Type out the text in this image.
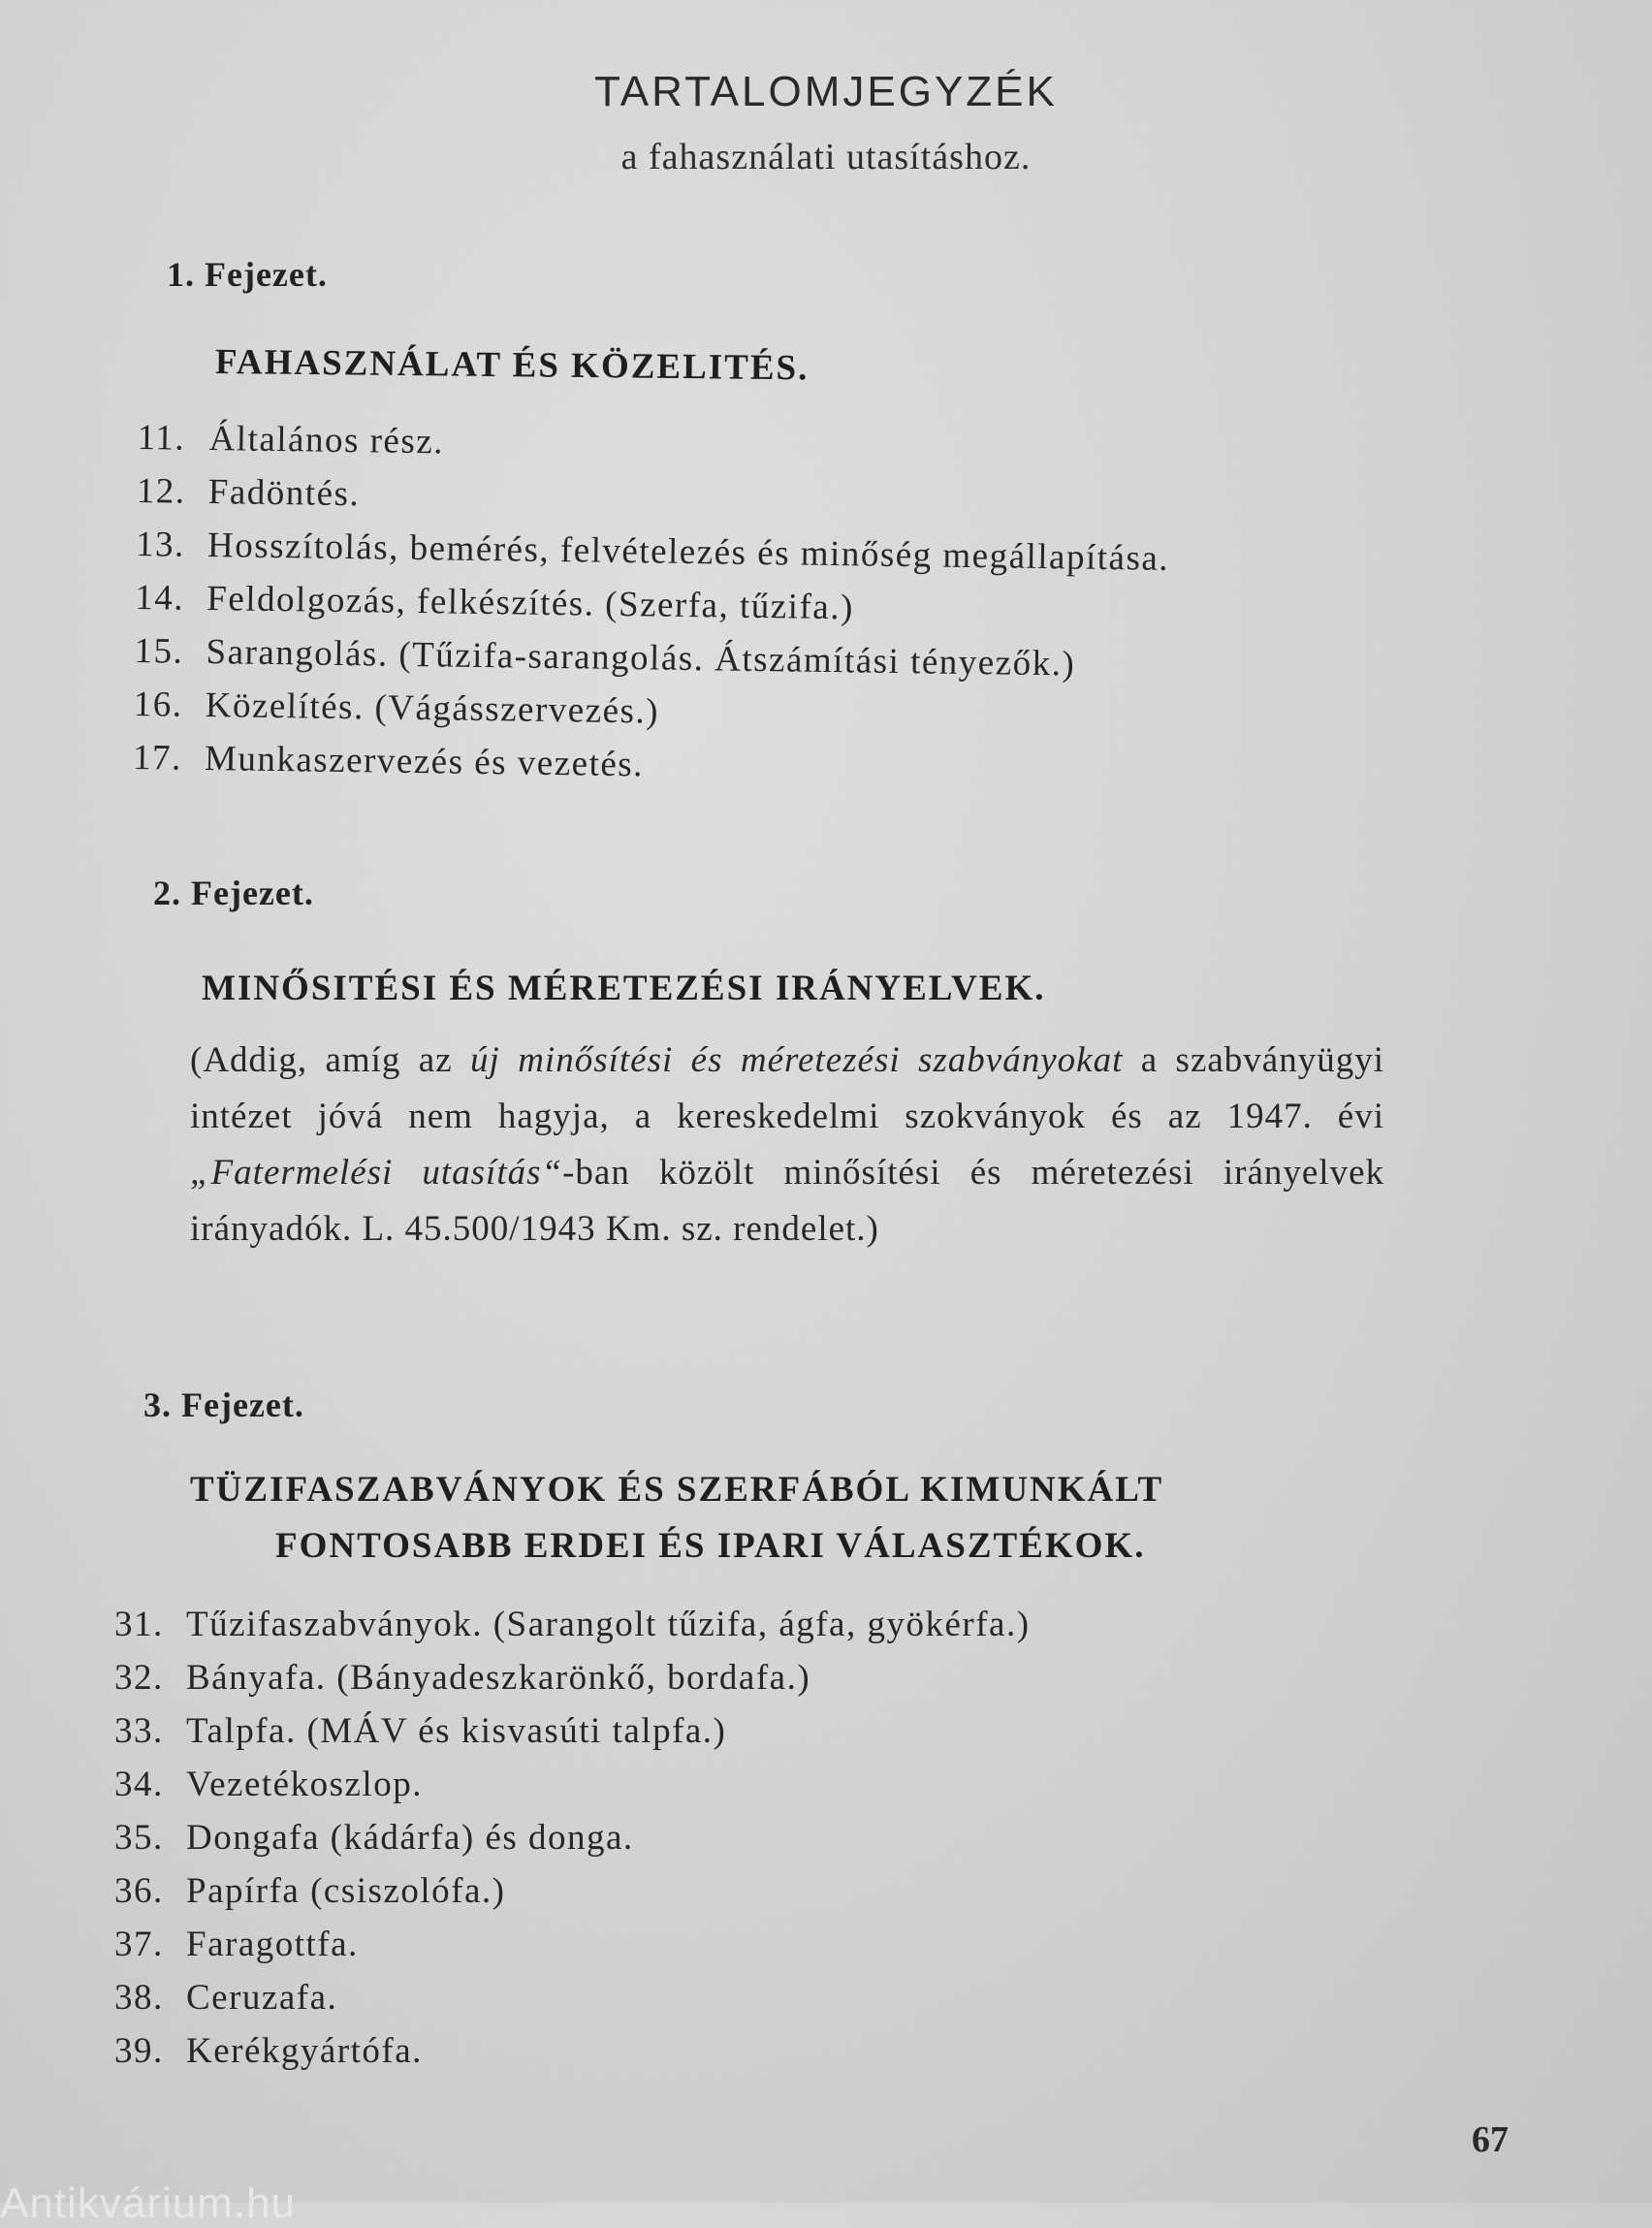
TARTALOMJEGYZÉK

a fahasználati utasításhoz.

1. Fejezet.
FAHASZNÁLAT ÉS KÖZELITÉS.
11. Általános rész.
12. Fadöntés.
13. Hosszítolás, bemérés, felvételezés és minőség megállapítása.
14. Feldolgozás, felkészítés. (Szerfa, tűzifa.)
15. Sarangolás. (Tűzifa-sarangolás. Átszámítási tényezők.)
16. Közelítés. (Vágásszervezés.)
17. Munkaszervezés és vezetés.
2. Fejezet.
MINŐSITÉSI ÉS MÉRETEZÉSI IRÁNYELVEK.
(Addig, amíg az új minősítési és méretezési szabványokat a szabványügyi intézet jóvá nem hagyja, a kereskedelmi szokványok és az 1947. évi „Fatermelési utasítás“-ban közölt minősítési és méretezési irányelvek irányadók. L. 45.500/1943 Km. sz. rendelet.)
3. Fejezet.
TÜZIFASZABVÁNYOK ÉS SZERFÁBÓL KIMUNKÁLT
FONTOSABB ERDEI ÉS IPARI VÁLASZTÉKOK.
31. Tűzifaszabványok. (Sarangolt tűzifa, ágfa, gyökérfa.)
32. Bányafa. (Bányadeszkarönkő, bordafa.)
33. Talpfa. (MÁV és kisvasúti talpfa.)
34. Vezetékoszlop.
35. Dongafa (kádárfa) és donga.
36. Papírfa (csiszolófa.)
37. Faragottfa.
38. Ceruzafa.
39. Kerékgyártófa.
67
Antikvárium.hu
